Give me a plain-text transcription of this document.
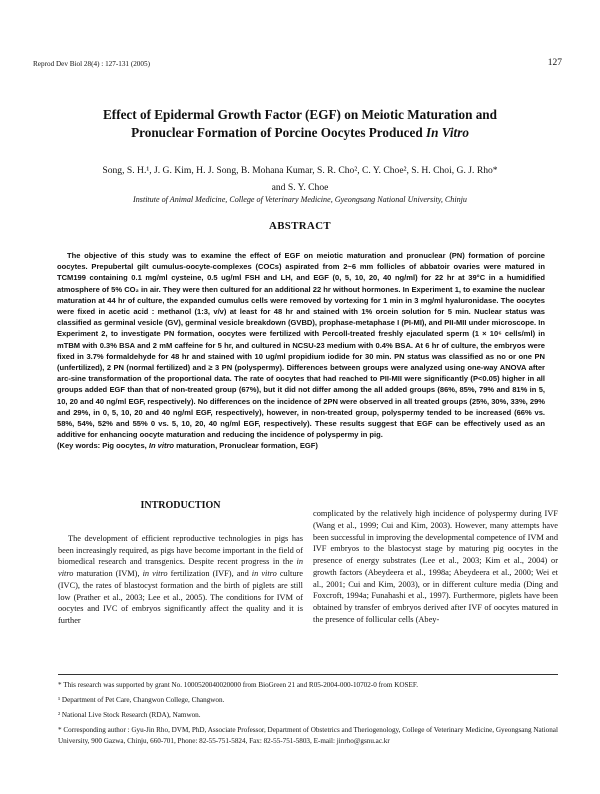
Reprod Dev Biol 28(4) : 127-131 (2005)	127
Effect of Epidermal Growth Factor (EGF) on Meiotic Maturation and
Pronuclear Formation of Porcine Oocytes Produced In Vitro
Song, S. H.¹, J. G. Kim, H. J. Song, B. Mohana Kumar, S. R. Cho², C. Y. Choe², S. H. Choi, G. J. Rho*
and S. Y. Choe
Institute of Animal Medicine, College of Veterinary Medicine, Gyeongsang National University, Chinju
ABSTRACT

The objective of this study was to examine the effect of EGF on meiotic maturation and pronuclear (PN) formation of porcine oocytes. Prepubertal gilt cumulus-oocyte-complexes (COCs) aspirated from 2~6 mm follicles of abbatoir ovaries were matured in TCM199 containing 0.1 mg/ml cysteine, 0.5 ug/ml FSH and LH, and EGF (0, 5, 10, 20, 40 ng/ml) for 22 hr at 39°C in a humidified atmosphere of 5% CO₂ in air. They were then cultured for an additional 22 hr without hormones. In Experiment 1, to examine the nuclear maturation at 44 hr of culture, the expanded cumulus cells were removed by vortexing for 1 min in 3 mg/ml hyaluronidase. The oocytes were fixed in acetic acid : methanol (1:3, v/v) at least for 48 hr and stained with 1% orcein solution for 5 min. Nuclear status was classified as germinal vesicle (GV), germinal vesicle breakdown (GVBD), prophase-metaphase I (PI-MI), and PII-MII under microscope. In Experiment 2, to investigate PN formation, oocytes were fertilized with Percoll-treated freshly ejaculated sperm (1 × 10⁶ cells/ml) in mTBM with 0.3% BSA and 2 mM caffeine for 5 hr, and cultured in NCSU-23 medium with 0.4% BSA. At 6 hr of culture, the embryos were fixed in 3.7% formaldehyde for 48 hr and stained with 10 ug/ml propidium iodide for 30 min. PN status was classified as no or one PN (unfertilized), 2 PN (normal fertilized) and ≥ 3 PN (polyspermy). Differences between groups were analyzed using one-way ANOVA after arc-sine transformation of the proportional data. The rate of oocytes that had reached to PII-MII were significantly (P<0.05) higher in all groups added EGF than that of non-treated group (67%), but it did not differ among the all added groups (86%, 85%, 79% and 81% in 5, 10, 20 and 40 ng/ml EGF, respectively). No differences on the incidence of 2PN were observed in all treated groups (25%, 30%, 33%, 29% and 29%, in 0, 5, 10, 20 and 40 ng/ml EGF, respectively), however, in non-treated group, polyspermy tended to be increased (66% vs. 58%, 54%, 52% and 55% 0 vs. 5, 10, 20, 40 ng/ml EGF, respectively). These results suggest that EGF can be effectively used as an additive for enhancing oocyte maturation and reducing the incidence of polyspermy in pig.

(Key words: Pig oocytes, In vitro maturation, Pronuclear formation, EGF)

INTRODUCTION

The development of efficient reproductive technologies in pigs has been increasingly required, as pigs have become important in the field of biomedical research and transgenics. Despite recent progress in the in vitro maturation (IVM), in vitro fertilization (IVF), and in vitro culture (IVC), the rates of blastocyst formation and the birth of piglets are still low (Prather et al., 2003; Lee et al., 2005). The conditions for IVM of oocytes and IVC of embryos significantly affect the quality and it is further

complicated by the relatively high incidence of polyspermy during IVF (Wang et al., 1999; Cui and Kim, 2003). However, many attempts have been successful in improving the developmental competence of IVM and IVF embryos to the blastocyst stage by maturing pig oocytes in the presence of energy substrates (Lee et al., 2003; Kim et al., 2004) or growth factors (Abeydeera et al., 1998a; Abeydeera et al., 2000; Wei et al., 2001; Cui and Kim, 2003), or in different culture media (Ding and Foxcroft, 1994a; Funahashi et al., 1997). Furthermore, piglets have been obtained by transfer of embryos derived after IVF of oocytes matured in the presence of follicular cells (Abey-

* This research was supported by grant No. 1000520040020000 from BioGreen 21 and R05-2004-000-10702-0 from KOSEF.
¹ Department of Pet Care, Changwon College, Changwon.
² National Live Stock Research (RDA), Namwon.
* Corresponding author : Gyu-Jin Rho, DVM, PhD, Associate Professor, Department of Obstetrics and Theriogenology, College of Veterinary Medicine, Gyeongsang National University, 900 Gazwa, Chinju, 660-701, Phone: 82-55-751-5824, Fax: 82-55-751-5803, E-mail: jinrho@gsnu.ac.kr
